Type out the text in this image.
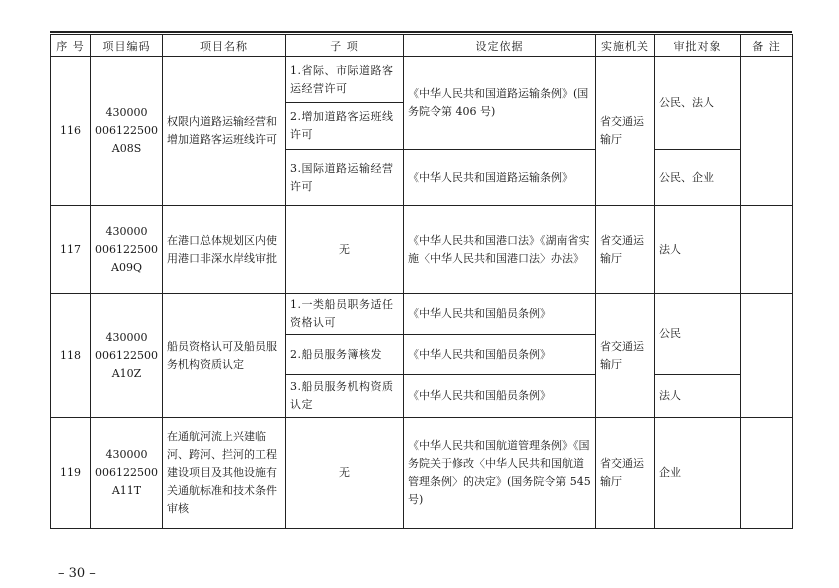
序 号	项目编码	项目名称	子 项	设定依据	实施机关	审批对象	备 注
116	430000
006122500
A08S	权限内道路运输经营和增加道路客运班线许可	1.省际、市际道路客运经营许可	《中华人民共和国道路运输条例》(国务院令第 406 号)	省交通运输厅	公民、法人	
			2.增加道路客运班线许可				
			3.国际道路运输经营许可	《中华人民共和国道路运输条例》		公民、企业	
117	430000
006122500
A09Q	在港口总体规划区内使用港口非深水岸线审批	无	《中华人民共和国港口法》《湖南省实施〈中华人民共和国港口法〉办法》	省交通运输厅	法人	
118	430000
006122500
A10Z	船员资格认可及船员服务机构资质认定	1.一类船员职务适任资格认可	《中华人民共和国船员条例》	省交通运输厅	公民	
			2.船员服务簿核发	《中华人民共和国船员条例》			
			3.船员服务机构资质认定	《中华人民共和国船员条例》		法人	
119	430000
006122500
A11T	在通航河流上兴建临河、跨河、拦河的工程建设项目及其他设施有关通航标准和技术条件审核	无	《中华人民共和国航道管理条例》《国务院关于修改〈中华人民共和国航道管理条例〉的决定》(国务院令第 545 号)	省交通运输厅	企业	
– 30 –
